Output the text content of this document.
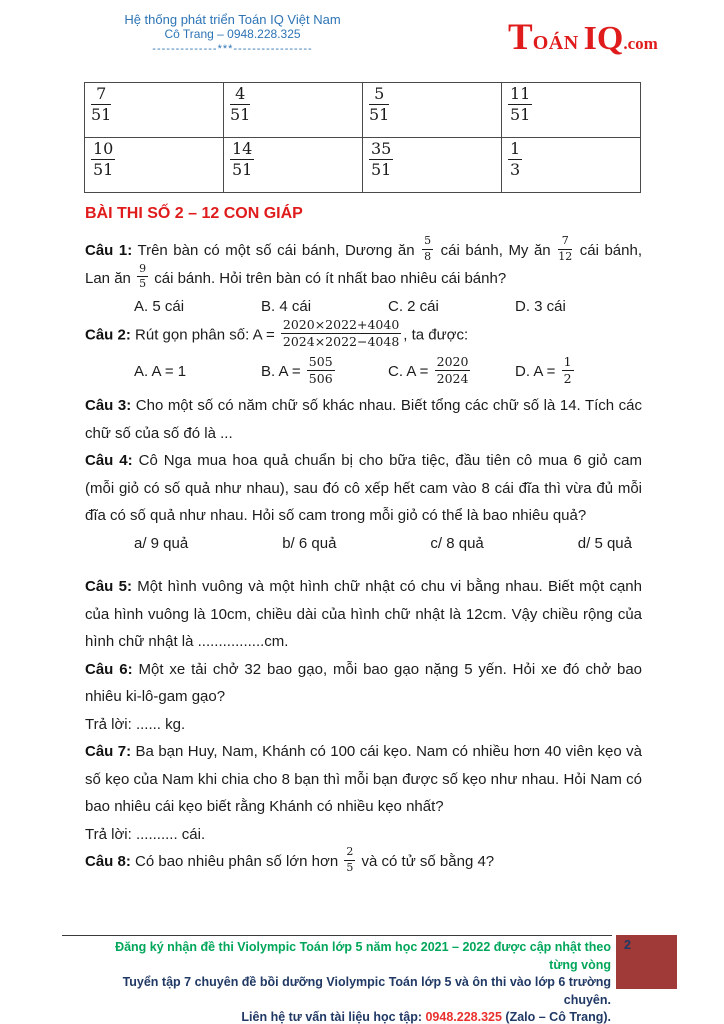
Hệ thống phát triển Toán IQ Việt Nam
Cô Trang – 0948.228.325
--------------***-----------------	TOÁN IQ.com
$\frac{7}{51}$	$\frac{4}{51}$	$\frac{5}{51}$	$\frac{11}{51}$

$\frac{10}{51}$	$\frac{14}{51}$	$\frac{35}{51}$	$\frac{1}{3}$
BÀI THI SỐ 2 – 12 CON GIÁP

Câu 1: Trên bàn có một số cái bánh, Dương ăn $\frac{5}{8}$ cái bánh, My ăn $\frac{7}{12}$ cái bánh, Lan ăn $\frac{9}{5}$ cái bánh. Hỏi trên bàn có ít nhất bao nhiêu cái bánh?

A. 5 cái	B. 4 cái	C. 2 cái	D. 3 cái

Câu 2: Rút gọn phân số: $A = \frac{2020\times 2022+4040}{2024\times 2022-4048}$ , ta được:

A. A = 1	B. $A = \frac{505}{506}$	C. $A = \frac{2020}{2024}$	D. $A = \frac{1}{2}$

Câu 3: Cho một số có năm chữ số khác nhau. Biết tổng các chữ số là 14. Tích các chữ số của số đó là ...

Câu 4: Cô Nga mua hoa quả chuẩn bị cho bữa tiệc, đầu tiên cô mua 6 giỏ cam (mỗi giỏ có số quả như nhau), sau đó cô xếp hết cam vào 8 cái đĩa thì vừa đủ mỗi đĩa có số quả như nhau. Hỏi số cam trong mỗi giỏ có thể là bao nhiêu quả?

a/ 9 quả	b/ 6 quả	c/ 8 quả	d/ 5 quả

Câu 5: Một hình vuông và một hình chữ nhật có chu vi bằng nhau. Biết một cạnh của hình vuông là 10cm, chiều dài của hình chữ nhật là 12cm. Vậy chiều rộng của hình chữ nhật là ................cm.

Câu 6: Một xe tải chở 32 bao gạo, mỗi bao gạo nặng 5 yến. Hỏi xe đó chở bao nhiêu ki-lô-gam gạo?

Trả lời: ...... kg.

Câu 7: Ba bạn Huy, Nam, Khánh có 100 cái kẹo. Nam có nhiều hơn 40 viên kẹo và số kẹo của Nam khi chia cho 8 bạn thì mỗi bạn được số kẹo như nhau. Hỏi Nam có bao nhiêu cái kẹo biết rằng Khánh có nhiều kẹo nhất?

Trả lời: .......... cái.

Câu 8: Có bao nhiêu phân số lớn hơn $\frac{2}{5}$ và có tử số bằng 4?

Đăng ký nhận đề thi Violympic Toán lớp 5 năm học 2021 – 2022 được cập nhật theo từng vòng
Tuyển tập 7 chuyên đề bồi dưỡng Violympic Toán lớp 5 và ôn thi vào lớp 6 trường chuyên.
Liên hệ tư vấn tài liệu học tập: 0948.228.325 (Zalo – Cô Trang).
2
